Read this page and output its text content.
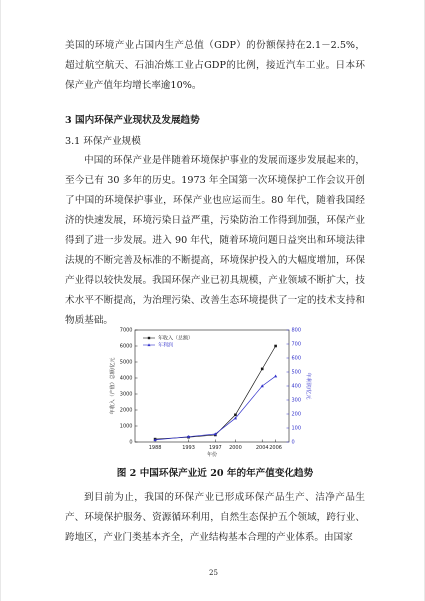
美国的环境产业占国内生产总值（GDP）的份额保持在2.1－2.5%，超过航空航天、石油冶炼工业占GDP的比例，接近汽车工业。日本环保产业产值年均增长率逾10%。

3 国内环保产业现状及发展趋势

3.1 环保产业规模

中国的环保产业是伴随着环境保护事业的发展而逐步发展起来的，至今已有 30 多年的历史。1973 年全国第一次环境保护工作会议开创了中国的环境保护事业，环保产业也应运而生。80 年代，随着我国经济的快速发展，环境污染日益严重，污染防治工作得到加强，环保产业得到了进一步发展。进入 90 年代，随着环境问题日益突出和环境法律法规的不断完善及标准的不断提高，环境保护投入的大幅度增加，环保产业得以较快发展。我国环保产业已初具规模，产业领域不断扩大，技术水平不断提高，为治理污染、改善生态环境提供了一定的技术支持和物质基础。

0
1000
2000
3000
4000
5000
6000
7000
0
100
200
300
400
500
600
700
800
1988	1993	1997 2000	2004 2006
年份
年收入（产值）总额/亿元	年利润/亿元
年收入（总额）
年利润

图 2 中国环保产业近 20 年的年产值变化趋势

到目前为止，我国的环保产业已形成环保产品生产、洁净产品生产、环境保护服务、资源循环利用，自然生态保护五个领域，跨行业、跨地区，产业门类基本齐全，产业结构基本合理的产业体系。由国家

25
